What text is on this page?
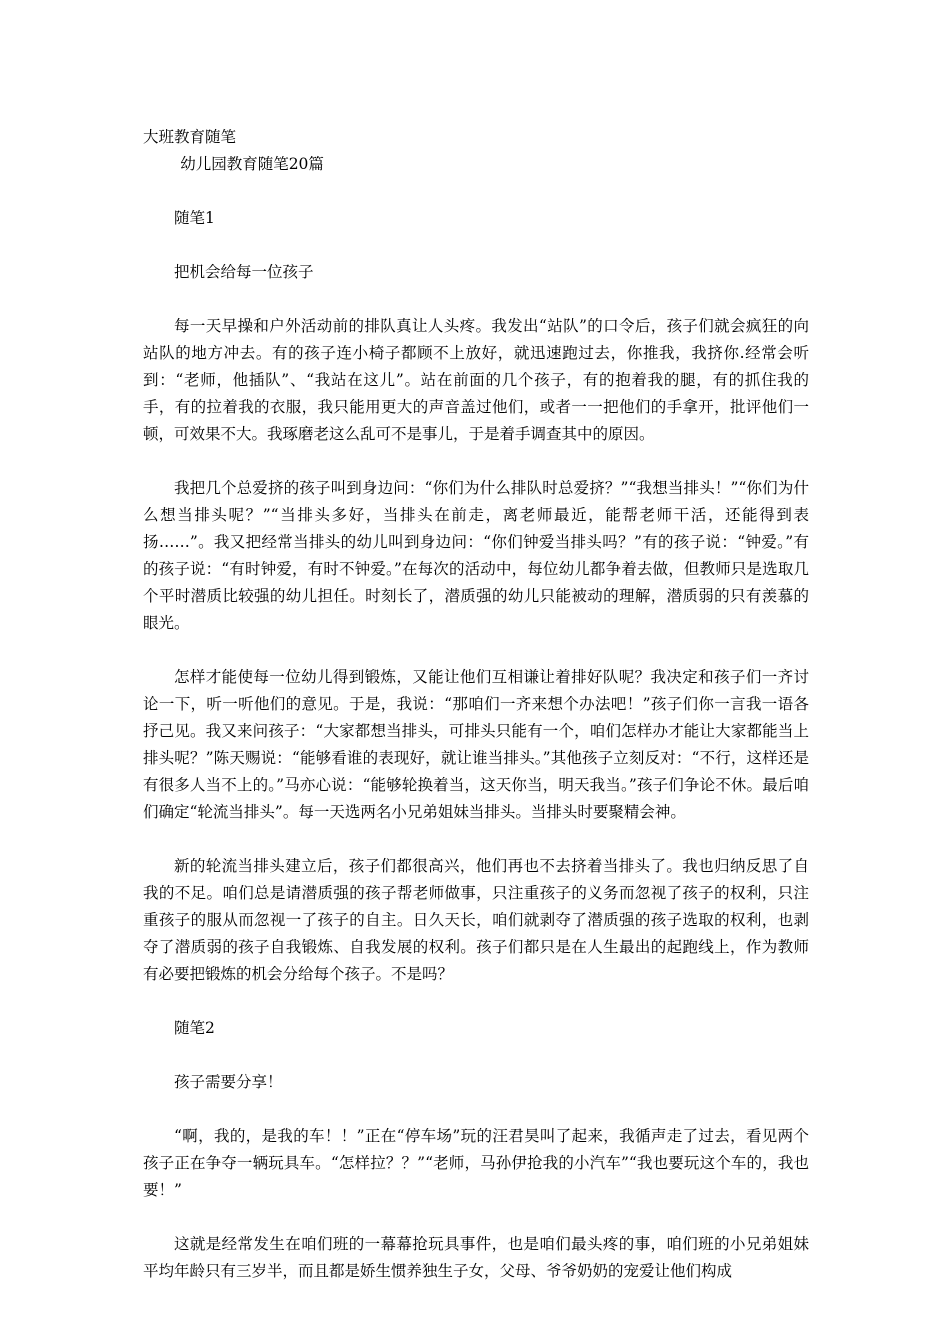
大班教育随笔
幼儿园教育随笔20篇
随笔1
把机会给每一位孩子

每一天早操和户外活动前的排队真让人头疼。我发出“站队”的口令后，孩子们就会疯狂的向站队的地方冲去。有的孩子连小椅子都顾不上放好，就迅速跑过去，你推我，我挤你.经常会听到：“老师，他插队”、“我站在这儿”。站在前面的几个孩子，有的抱着我的腿，有的抓住我的手，有的拉着我的衣服，我只能用更大的声音盖过他们，或者一一把他们的手拿开，批评他们一顿，可效果不大。我琢磨老这么乱可不是事儿，于是着手调查其中的原因。

我把几个总爱挤的孩子叫到身边问：“你们为什么排队时总爱挤？”“我想当排头！”“你们为什么想当排头呢？”“当排头多好，当排头在前走，离老师最近，能帮老师干活，还能得到表扬……”。我又把经常当排头的幼儿叫到身边问：“你们钟爱当排头吗？”有的孩子说：“钟爱。”有的孩子说：“有时钟爱，有时不钟爱。”在每次的活动中，每位幼儿都争着去做，但教师只是选取几个平时潜质比较强的幼儿担任。时刻长了，潜质强的幼儿只能被动的理解，潜质弱的只有羡慕的眼光。

怎样才能使每一位幼儿得到锻炼，又能让他们互相谦让着排好队呢？我决定和孩子们一齐讨论一下，听一听他们的意见。于是，我说：“那咱们一齐来想个办法吧！”孩子们你一言我一语各抒己见。我又来问孩子：“大家都想当排头，可排头只能有一个，咱们怎样办才能让大家都能当上排头呢？”陈天赐说：“能够看谁的表现好，就让谁当排头。”其他孩子立刻反对：“不行，这样还是有很多人当不上的。”马亦心说：“能够轮换着当，这天你当，明天我当。”孩子们争论不休。最后咱们确定“轮流当排头”。每一天选两名小兄弟姐妹当排头。当排头时要聚精会神。

新的轮流当排头建立后，孩子们都很高兴，他们再也不去挤着当排头了。我也归纳反思了自我的不足。咱们总是请潜质强的孩子帮老师做事，只注重孩子的义务而忽视了孩子的权利，只注重孩子的服从而忽视一了孩子的自主。日久天长，咱们就剥夺了潜质强的孩子选取的权利，也剥夺了潜质弱的孩子自我锻炼、自我发展的权利。孩子们都只是在人生最出的起跑线上，作为教师有必要把锻炼的机会分给每个孩子。不是吗？

随笔2
孩子需要分享！

“啊，我的，是我的车！！”正在“停车场”玩的汪君昊叫了起来，我循声走了过去，看见两个孩子正在争夺一辆玩具车。“怎样拉？？”“老师，马孙伊抢我的小汽车”“我也要玩这个车的，我也要！”

这就是经常发生在咱们班的一幕幕抢玩具事件，也是咱们最头疼的事，咱们班的小兄弟姐妹平均年龄只有三岁半，而且都是娇生惯养独生子女，父母、爷爷奶奶的宠爱让他们构成
